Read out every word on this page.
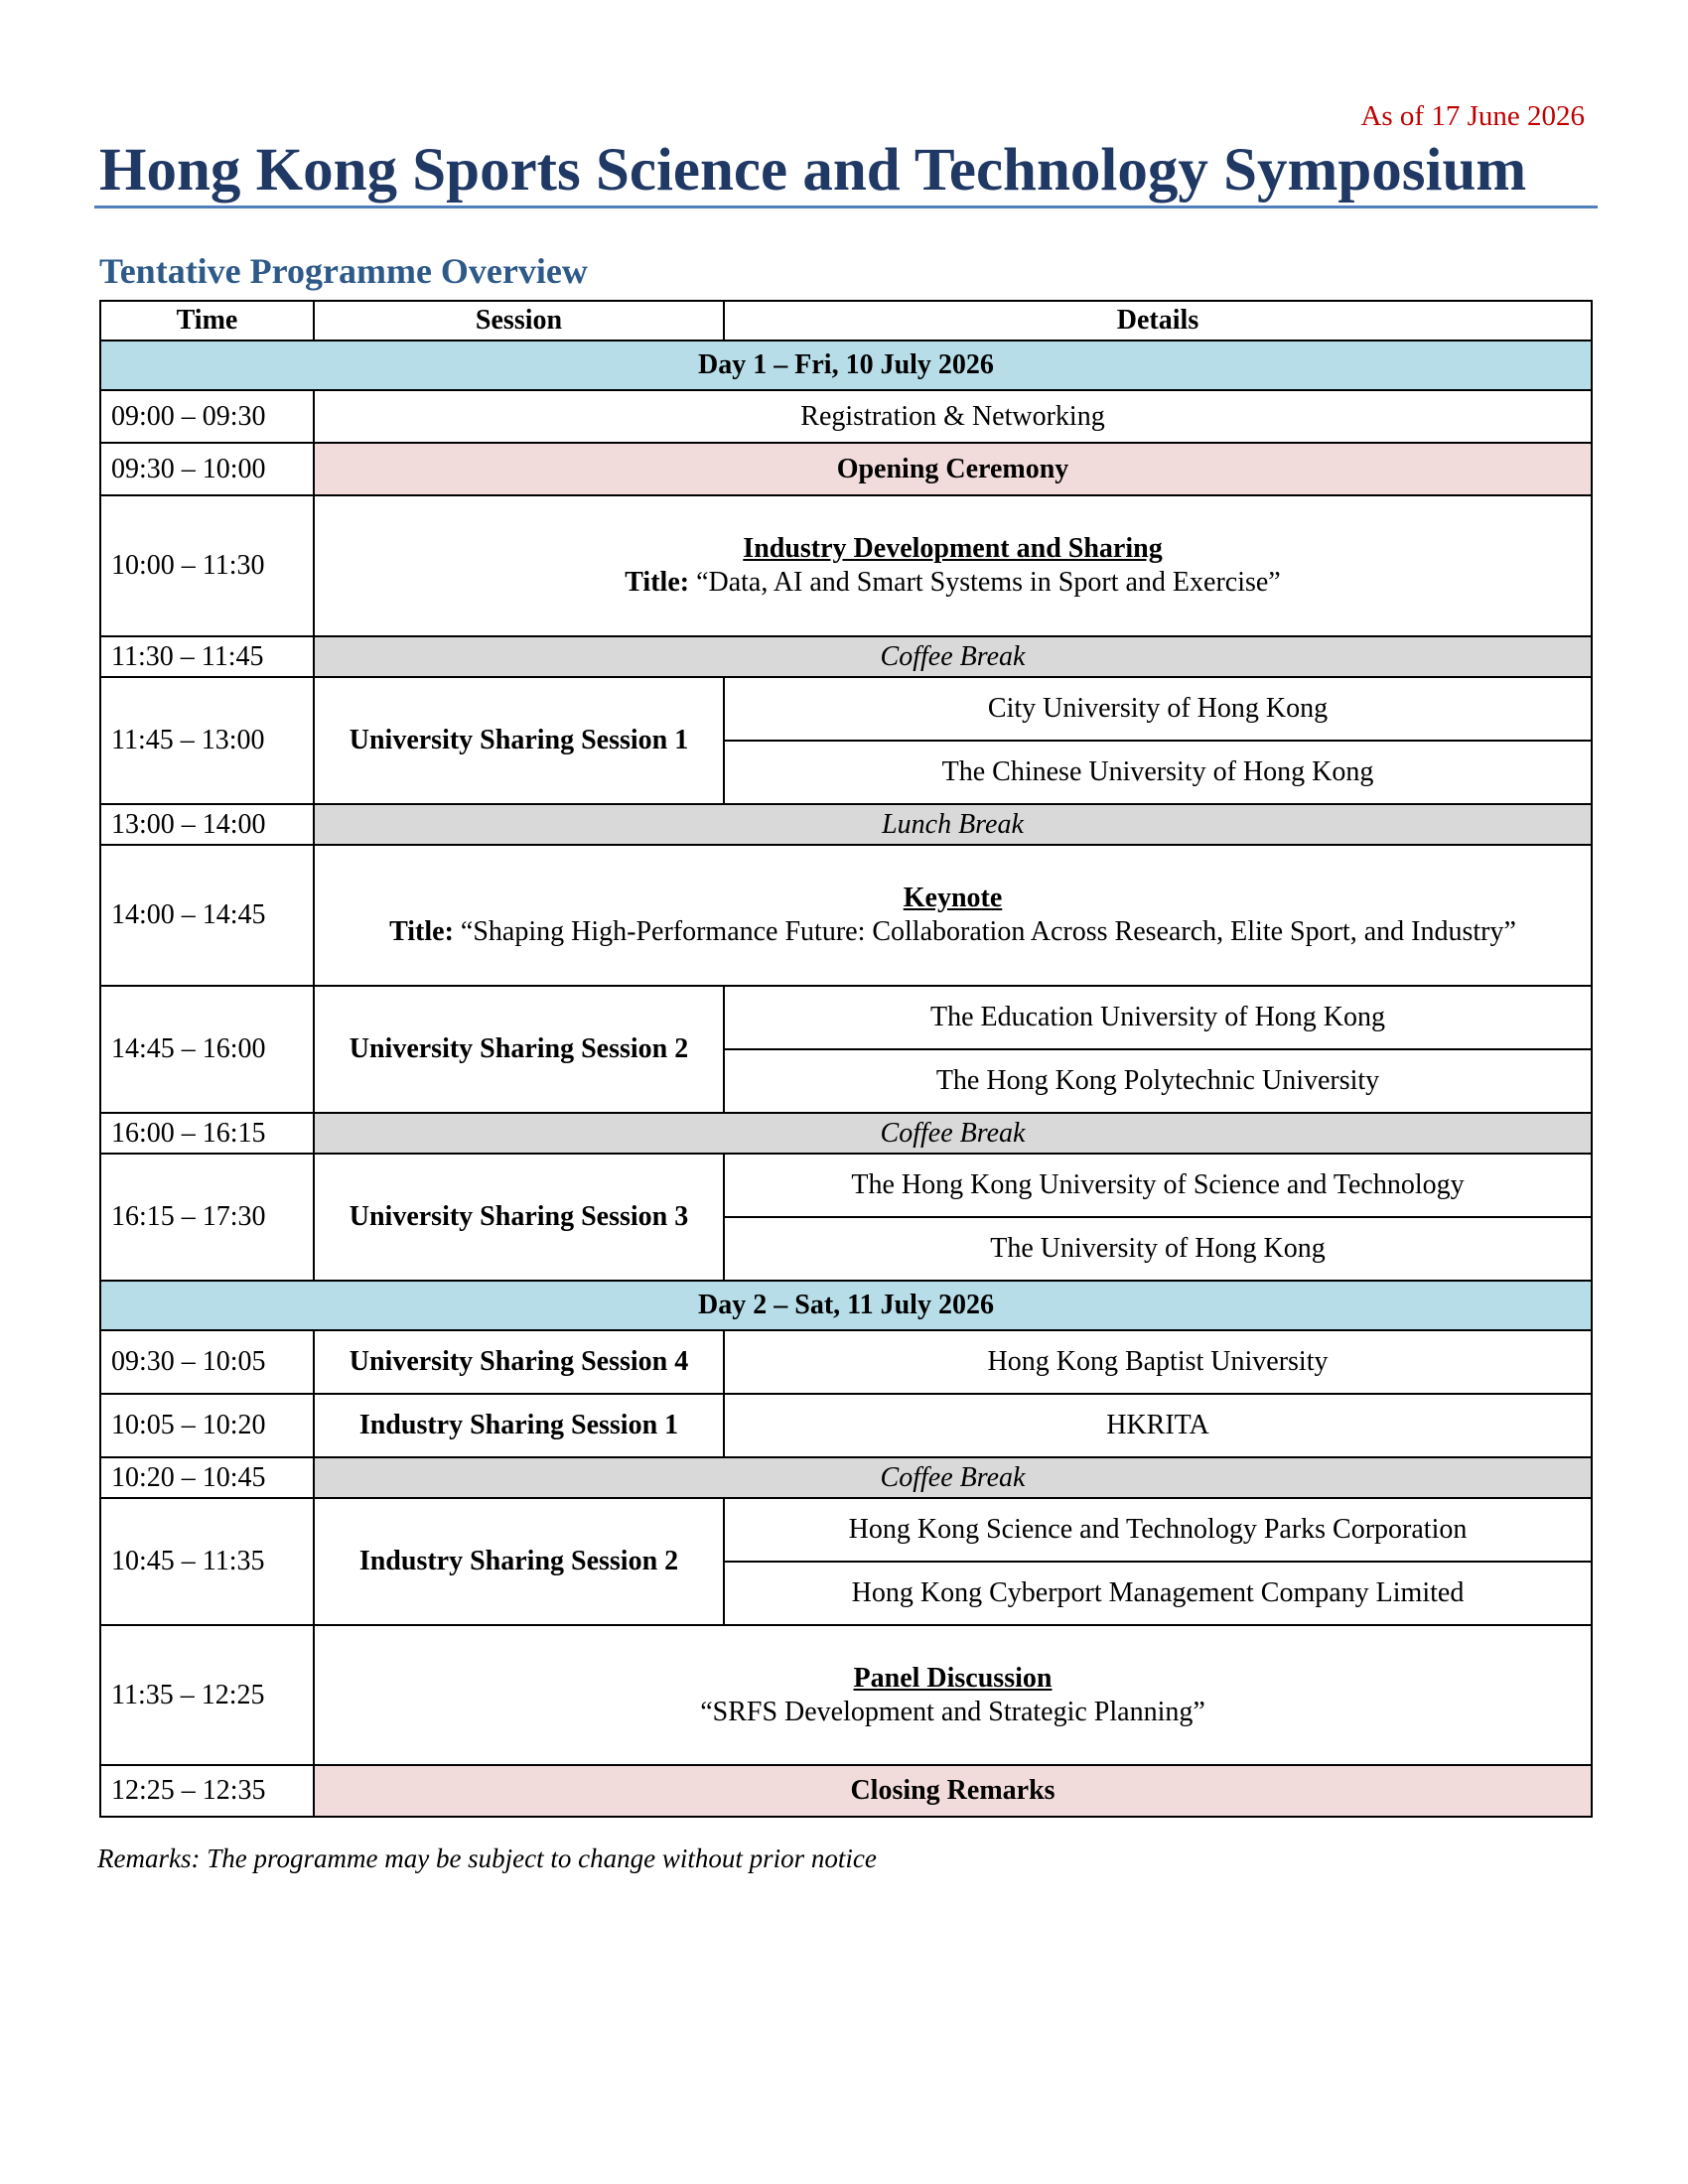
As of 17 June 2026
Hong Kong Sports Science and Technology Symposium
Tentative Programme Overview
Time	Session	Details
Day 1 – Fri, 10 July 2026		
09:00 – 09:30	Registration & Networking	
09:30 – 10:00	Opening Ceremony	
10:00 – 11:30	Industry Development and Sharing
Title: “Data, AI and Smart Systems in Sport and Exercise”	
11:30 – 11:45	Coffee Break	
11:45 – 13:00	University Sharing Session 1	City University of Hong Kong
		The Chinese University of Hong Kong
13:00 – 14:00	Lunch Break	
14:00 – 14:45	Keynote
Title: “Shaping High-Performance Future: Collaboration Across Research, Elite Sport, and Industry”	
14:45 – 16:00	University Sharing Session 2	The Education University of Hong Kong
		The Hong Kong Polytechnic University
16:00 – 16:15	Coffee Break	
16:15 – 17:30	University Sharing Session 3	The Hong Kong University of Science and Technology
		The University of Hong Kong
Day 2 – Sat, 11 July 2026		
09:30 – 10:05	University Sharing Session 4	Hong Kong Baptist University
10:05 – 10:20	Industry Sharing Session 1	HKRITA
10:20 – 10:45	Coffee Break	
10:45 – 11:35	Industry Sharing Session 2	Hong Kong Science and Technology Parks Corporation
		Hong Kong Cyberport Management Company Limited
11:35 – 12:25	Panel Discussion
“SRFS Development and Strategic Planning”	
12:25 – 12:35	Closing Remarks	
Remarks: The programme may be subject to change without prior notice
